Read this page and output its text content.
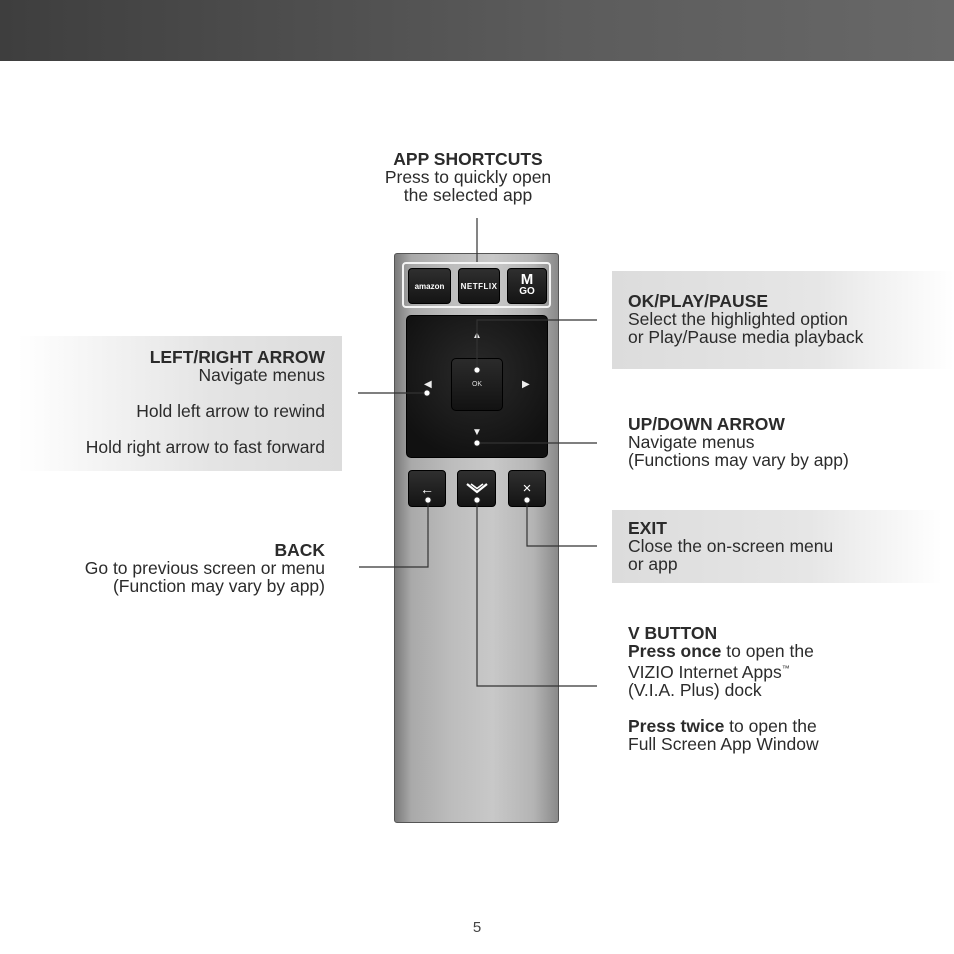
amazon NETFLIX M
GO
▲
▼
◀	▶
OK
←	×
APP SHORTCUTS
Press to quickly open
the selected app
LEFT/RIGHT ARROW
Navigate menus
Hold left arrow to rewind
Hold right arrow to fast forward
OK/PLAY/PAUSE
Select the highlighted option
or Play/Pause media playback
UP/DOWN ARROW
Navigate menus
(Functions may vary by app)
BACK
Go to previous screen or menu
(Function may vary by app)
EXIT
Close the on-screen menu
or app
V BUTTON
Press once to open the
VIZIO Internet Apps™
(V.I.A. Plus) dock
Press twice to open the
Full Screen App Window
5
